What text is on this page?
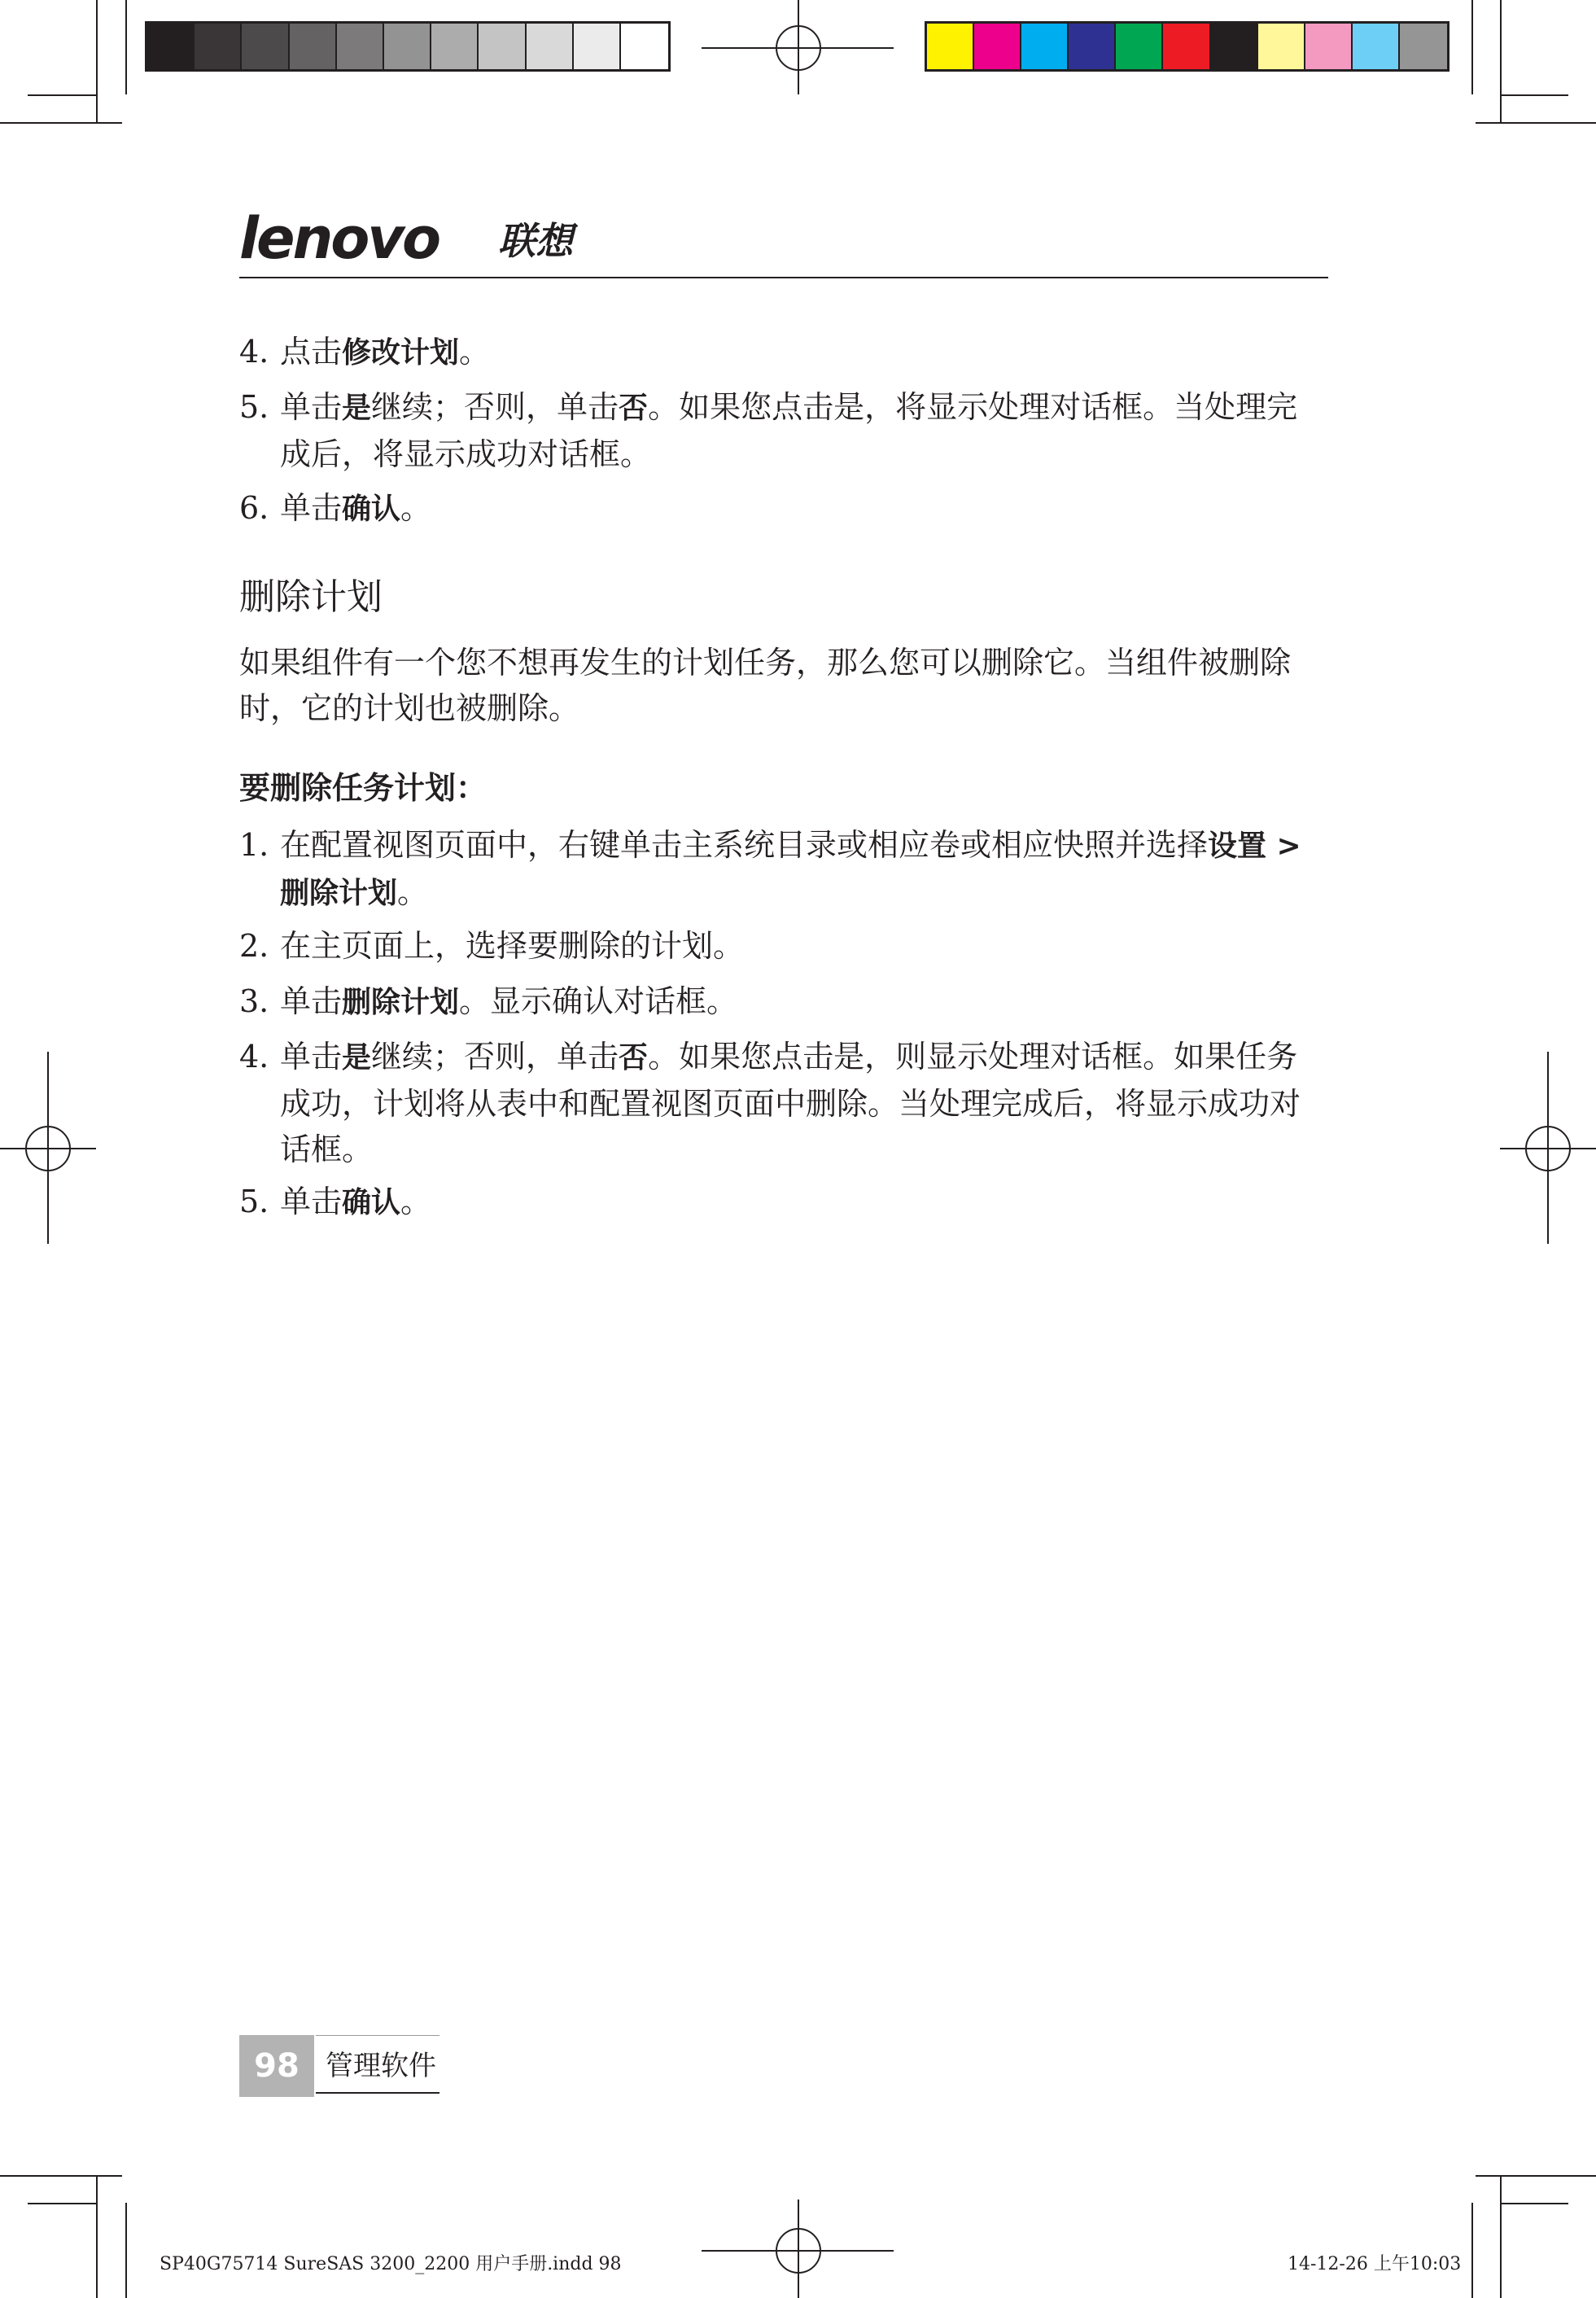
lenovo 联想
4. 点击修改计划。
5. 单击是继续；否则，单击否。如果您点击是，将显示处理对话框。当处理完成后，将显示成功对话框。
6. 单击确认。
删除计划
如果组件有一个您不想再发生的计划任务，那么您可以删除它。当组件被删除时，它的计划也被删除。
要删除任务计划：
1. 在配置视图页面中，右键单击主系统目录或相应卷或相应快照并选择设置 > 删除计划。
2. 在主页面上，选择要删除的计划。
3. 单击删除计划。显示确认对话框。
4. 单击是继续；否则，单击否。如果您点击是，则显示处理对话框。如果任务成功，计划将从表中和配置视图页面中删除。当处理完成后，将显示成功对话框。
5. 单击确认。
98 管理软件
SP40G75714 SureSAS 3200_2200 用户手册.indd 98	14-12-26 上午10:03
